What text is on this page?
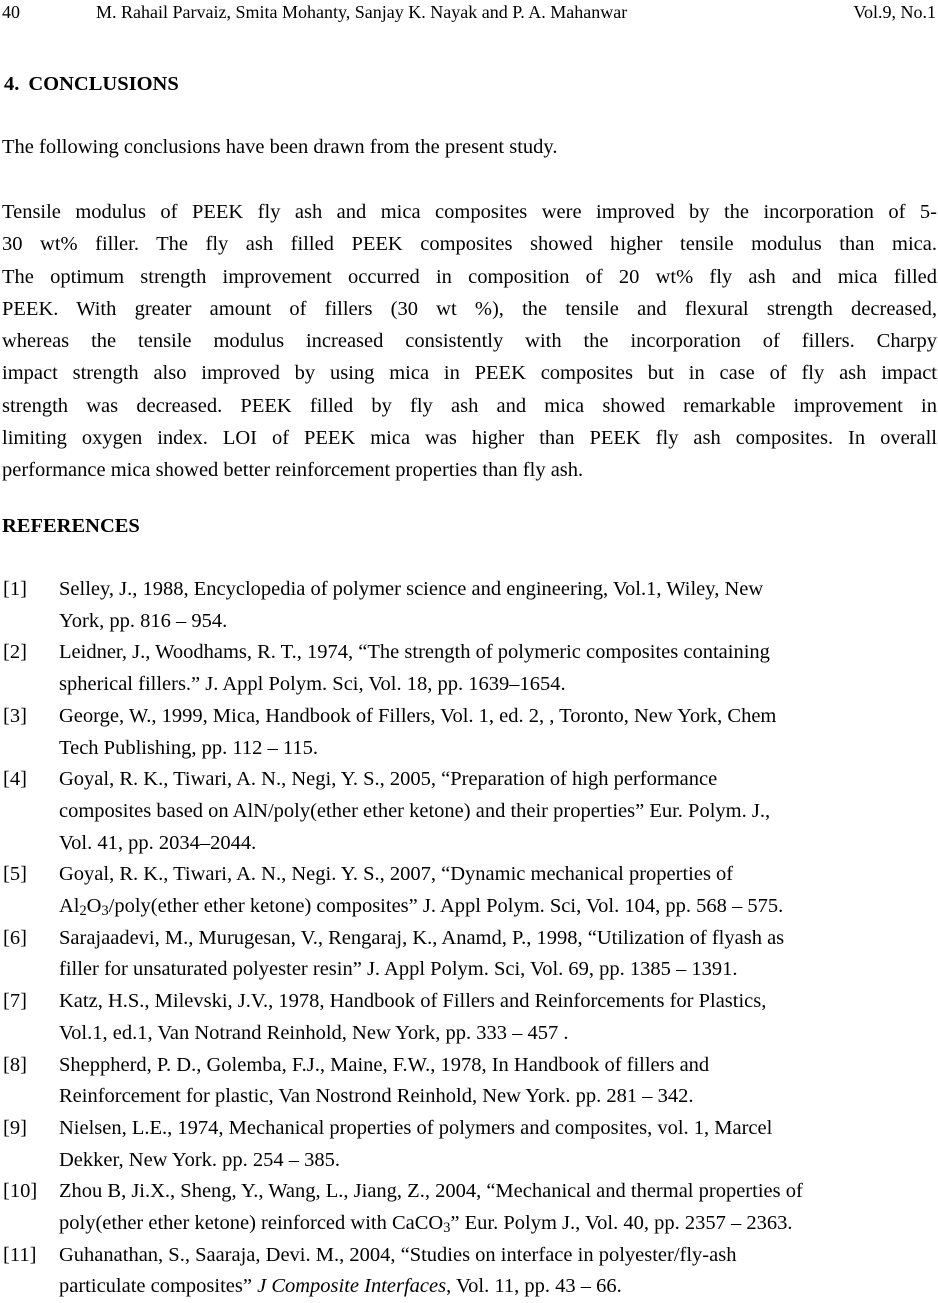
40	M. Rahail Parvaiz, Smita Mohanty, Sanjay K. Nayak and P. A. Mahanwar	Vol.9, No.1
4. CONCLUSIONS

The following conclusions have been drawn from the present study.

Tensile modulus of PEEK fly ash and mica composites were improved by the incorporation of 5-
30 wt% filler. The fly ash filled PEEK composites showed higher tensile modulus than mica.
The optimum strength improvement occurred in composition of 20 wt% fly ash and mica filled
PEEK. With greater amount of fillers (30 wt %), the tensile and flexural strength decreased,
whereas the tensile modulus increased consistently with the incorporation of fillers. Charpy
impact strength also improved by using mica in PEEK composites but in case of fly ash impact
strength was decreased. PEEK filled by fly ash and mica showed remarkable improvement in
limiting oxygen index. LOI of PEEK mica was higher than PEEK fly ash composites. In overall
performance mica showed better reinforcement properties than fly ash.

REFERENCES
[1] Selley, J., 1988, Encyclopedia of polymer science and engineering, Vol.1, Wiley, New
York, pp. 816 – 954.
[2] Leidner, J., Woodhams, R. T., 1974, “The strength of polymeric composites containing
spherical fillers.” J. Appl Polym. Sci, Vol. 18, pp. 1639–1654.
[3] George, W., 1999, Mica, Handbook of Fillers, Vol. 1, ed. 2, , Toronto, New York, Chem
Tech Publishing, pp. 112 – 115.
[4] Goyal, R. K., Tiwari, A. N., Negi, Y. S., 2005, “Preparation of high performance
composites based on AlN/poly(ether ether ketone) and their properties” Eur. Polym. J.,
Vol. 41, pp. 2034–2044.
[5] Goyal, R. K., Tiwari, A. N., Negi. Y. S., 2007, “Dynamic mechanical properties of
$Al_2O_3/poly(ether$ ether ketone) composites” J. Appl Polym. Sci, Vol. 104, pp. 568 – 575.
[6] Sarajaadevi, M., Murugesan, V., Rengaraj, K., Anamd, P., 1998, “Utilization of flyash as
filler for unsaturated polyester resin” J. Appl Polym. Sci, Vol. 69, pp. 1385 – 1391.
[7] Katz, H.S., Milevski, J.V., 1978, Handbook of Fillers and Reinforcements for Plastics,
Vol.1, ed.1, Van Notrand Reinhold, New York, pp. 333 – 457 .
[8] Sheppherd, P. D., Golemba, F.J., Maine, F.W., 1978, In Handbook of fillers and
Reinforcement for plastic, Van Nostrond Reinhold, New York. pp. 281 – 342.
[9] Nielsen, L.E., 1974, Mechanical properties of polymers and composites, vol. 1, Marcel
Dekker, New York. pp. 254 – 385.
[10] Zhou B, Ji.X., Sheng, Y., Wang, L., Jiang, Z., 2004, “Mechanical and thermal properties of
poly(ether ether ketone) reinforced with CaCO$_3$” Eur. Polym J., Vol. 40, pp. 2357 – 2363.
[11] Guhanathan, S., Saaraja, Devi. M., 2004, “Studies on interface in polyester/fly-ash
particulate composites” J Composite Interfaces, Vol. 11, pp. 43 – 66.
